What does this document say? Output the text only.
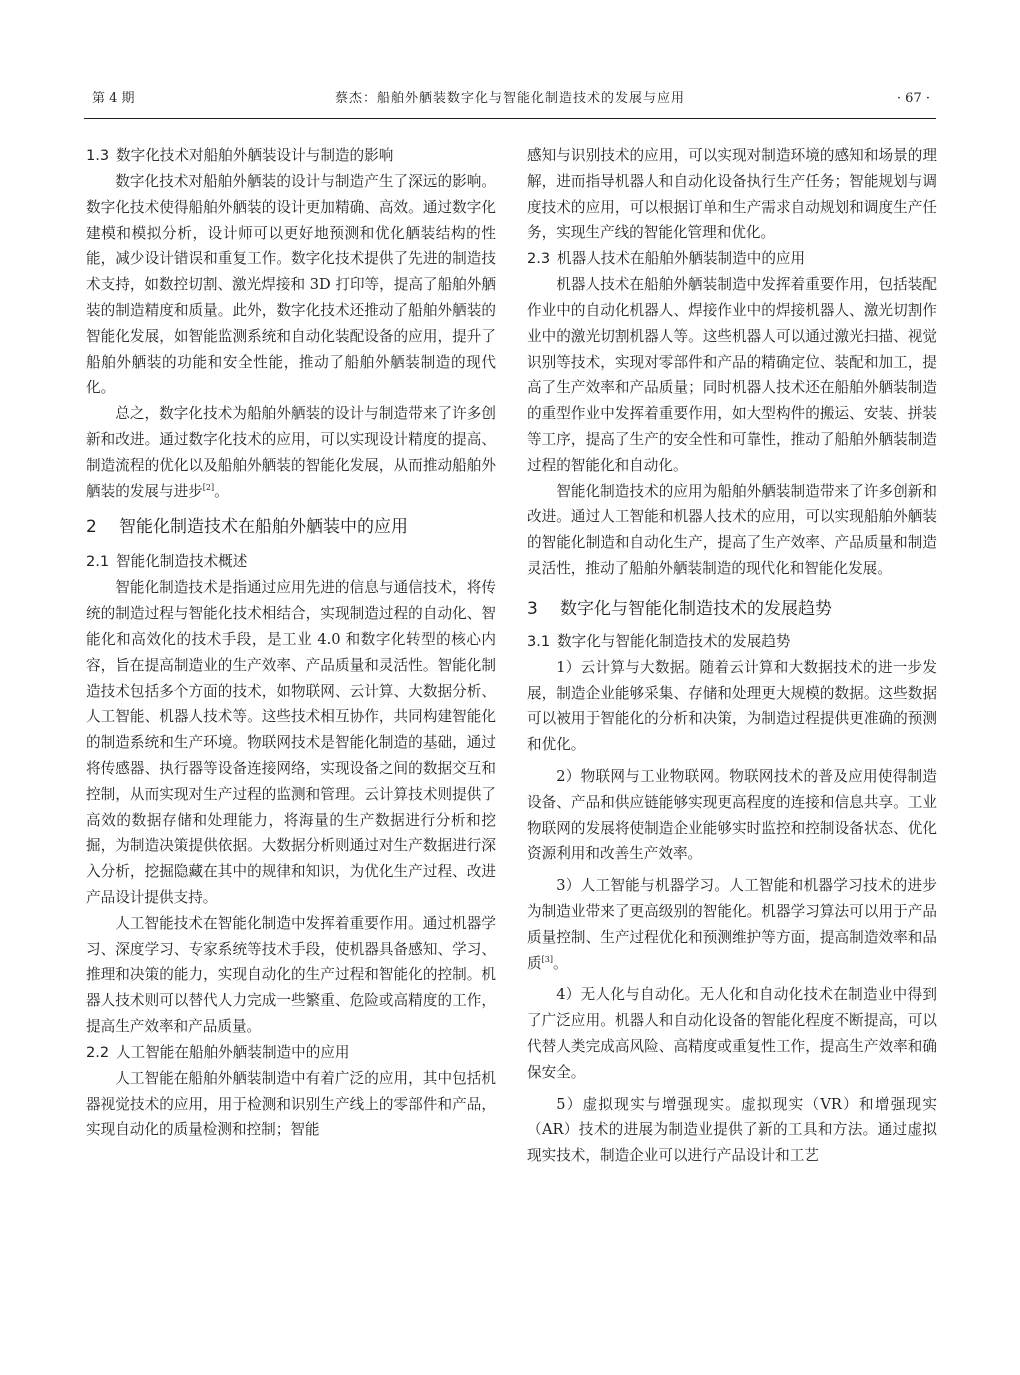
第 4 期	蔡杰：船舶外舾装数字化与智能化制造技术的发展与应用	· 67 ·
1.3 数字化技术对船舶外舾装设计与制造的影响

数字化技术对船舶外舾装的设计与制造产生了深远的影响。数字化技术使得船舶外舾装的设计更加精确、高效。通过数字化建模和模拟分析，设计师可以更好地预测和优化舾装结构的性能，减少设计错误和重复工作。数字化技术提供了先进的制造技术支持，如数控切割、激光焊接和 3D 打印等，提高了船舶外舾装的制造精度和质量。此外，数字化技术还推动了船舶外舾装的智能化发展，如智能监测系统和自动化装配设备的应用，提升了船舶外舾装的功能和安全性能，推动了船舶外舾装制造的现代化。

总之，数字化技术为船舶外舾装的设计与制造带来了许多创新和改进。通过数字化技术的应用，可以实现设计精度的提高、制造流程的优化以及船舶外舾装的智能化发展，从而推动船舶外舾装的发展与进步[2]。

2 智能化制造技术在船舶外舾装中的应用
2.1 智能化制造技术概述

智能化制造技术是指通过应用先进的信息与通信技术，将传统的制造过程与智能化技术相结合，实现制造过程的自动化、智能化和高效化的技术手段，是工业 4.0 和数字化转型的核心内容，旨在提高制造业的生产效率、产品质量和灵活性。智能化制造技术包括多个方面的技术，如物联网、云计算、大数据分析、人工智能、机器人技术等。这些技术相互协作，共同构建智能化的制造系统和生产环境。物联网技术是智能化制造的基础，通过将传感器、执行器等设备连接网络，实现设备之间的数据交互和控制，从而实现对生产过程的监测和管理。云计算技术则提供了高效的数据存储和处理能力，将海量的生产数据进行分析和挖掘，为制造决策提供依据。大数据分析则通过对生产数据进行深入分析，挖掘隐藏在其中的规律和知识，为优化生产过程、改进产品设计提供支持。

人工智能技术在智能化制造中发挥着重要作用。通过机器学习、深度学习、专家系统等技术手段，使机器具备感知、学习、推理和决策的能力，实现自动化的生产过程和智能化的控制。机器人技术则可以替代人力完成一些繁重、危险或高精度的工作，提高生产效率和产品质量。

2.2 人工智能在船舶外舾装制造中的应用

人工智能在船舶外舾装制造中有着广泛的应用，其中包括机器视觉技术的应用，用于检测和识别生产线上的零部件和产品，实现自动化的质量检测和控制；智能

感知与识别技术的应用，可以实现对制造环境的感知和场景的理解，进而指导机器人和自动化设备执行生产任务；智能规划与调度技术的应用，可以根据订单和生产需求自动规划和调度生产任务，实现生产线的智能化管理和优化。

2.3 机器人技术在船舶外舾装制造中的应用

机器人技术在船舶外舾装制造中发挥着重要作用，包括装配作业中的自动化机器人、焊接作业中的焊接机器人、激光切割作业中的激光切割机器人等。这些机器人可以通过激光扫描、视觉识别等技术，实现对零部件和产品的精确定位、装配和加工，提高了生产效率和产品质量；同时机器人技术还在船舶外舾装制造的重型作业中发挥着重要作用，如大型构件的搬运、安装、拼装等工序，提高了生产的安全性和可靠性，推动了船舶外舾装制造过程的智能化和自动化。

智能化制造技术的应用为船舶外舾装制造带来了许多创新和改进。通过人工智能和机器人技术的应用，可以实现船舶外舾装的智能化制造和自动化生产，提高了生产效率、产品质量和制造灵活性，推动了船舶外舾装制造的现代化和智能化发展。

3 数字化与智能化制造技术的发展趋势
3.1 数字化与智能化制造技术的发展趋势

1）云计算与大数据。随着云计算和大数据技术的进一步发展，制造企业能够采集、存储和处理更大规模的数据。这些数据可以被用于智能化的分析和决策，为制造过程提供更准确的预测和优化。

2）物联网与工业物联网。物联网技术的普及应用使得制造设备、产品和供应链能够实现更高程度的连接和信息共享。工业物联网的发展将使制造企业能够实时监控和控制设备状态、优化资源利用和改善生产效率。

3）人工智能与机器学习。人工智能和机器学习技术的进步为制造业带来了更高级别的智能化。机器学习算法可以用于产品质量控制、生产过程优化和预测维护等方面，提高制造效率和品质[3]。

4）无人化与自动化。无人化和自动化技术在制造业中得到了广泛应用。机器人和自动化设备的智能化程度不断提高，可以代替人类完成高风险、高精度或重复性工作，提高生产效率和确保安全。

5）虚拟现实与增强现实。虚拟现实（VR）和增强现实（AR）技术的进展为制造业提供了新的工具和方法。通过虚拟现实技术，制造企业可以进行产品设计和工艺
